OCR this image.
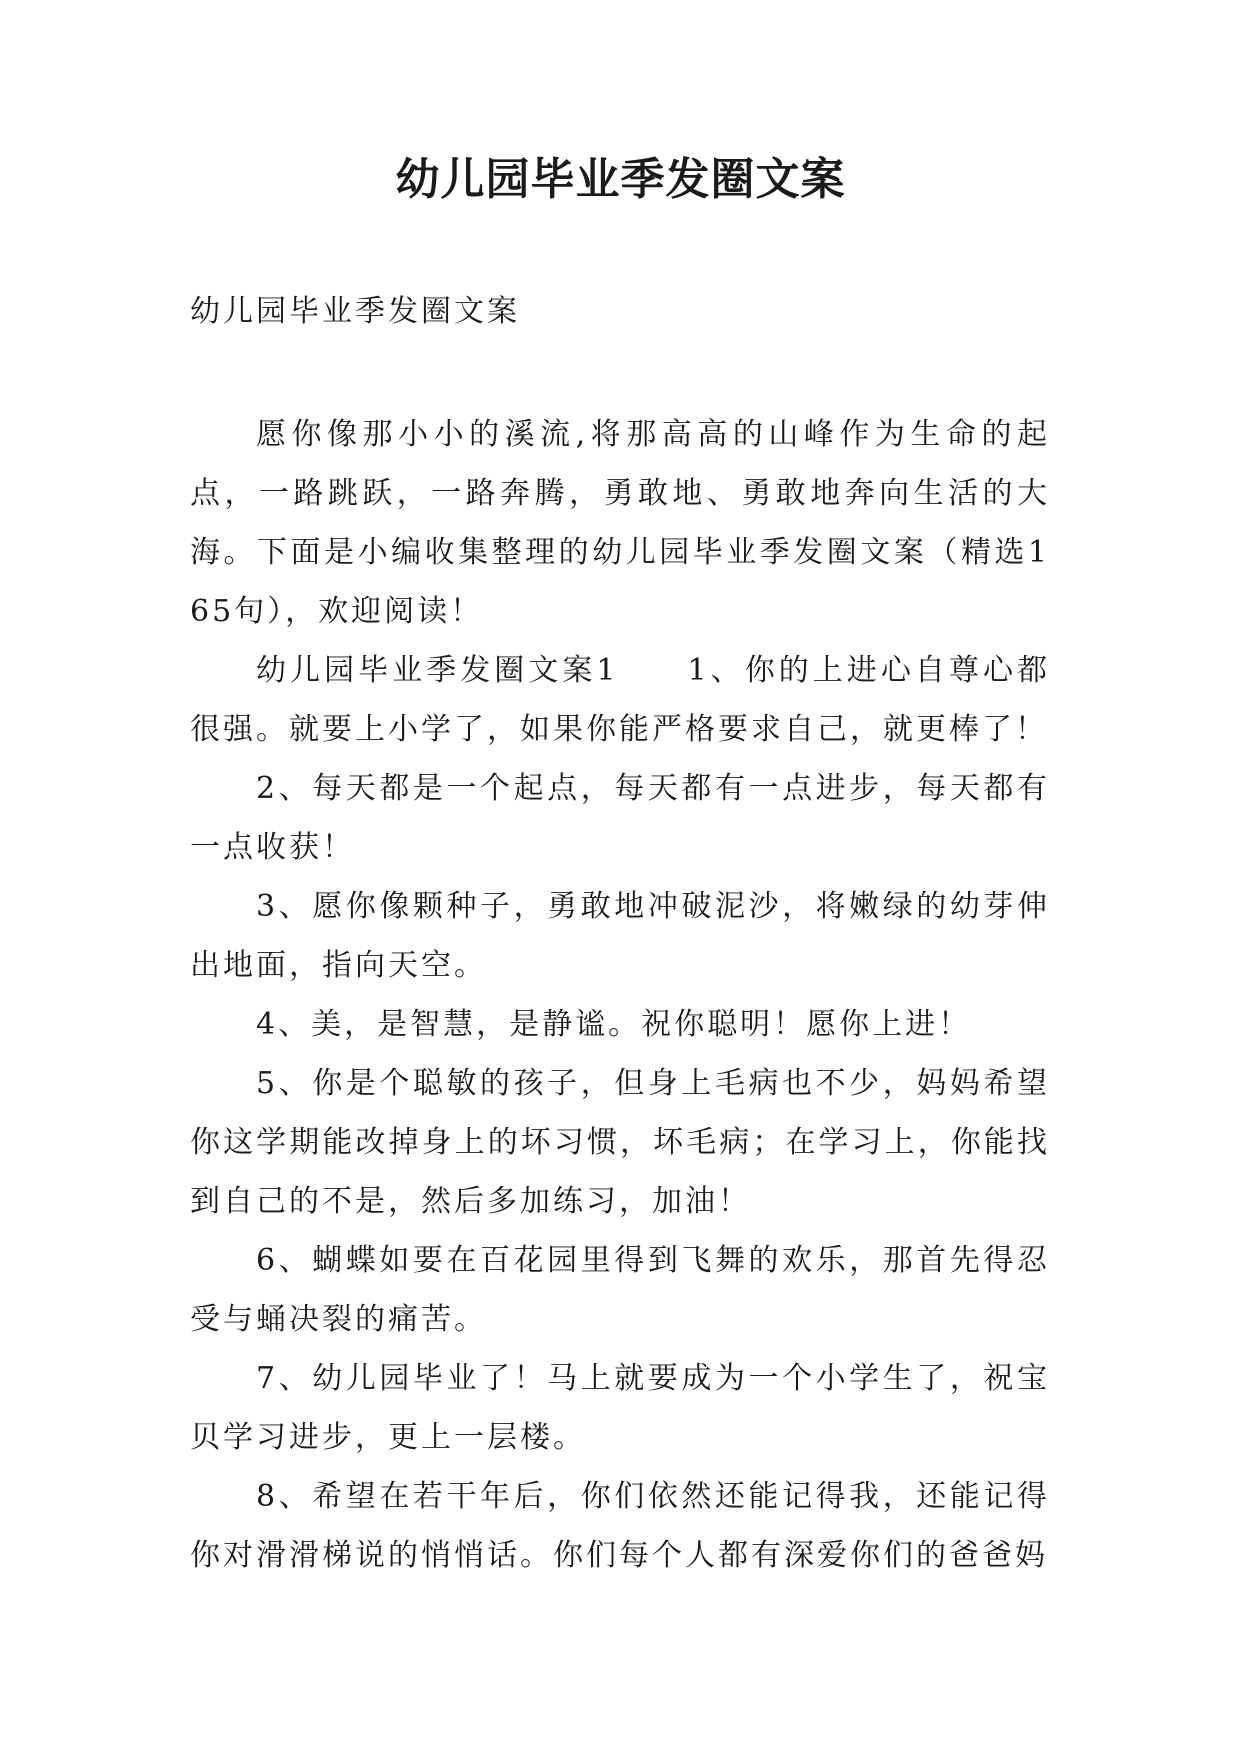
幼儿园毕业季发圈文案

幼儿园毕业季发圈文案

愿你像那小小的溪流,将那高高的山峰作为生命的起点，一路跳跃，一路奔腾，勇敢地、勇敢地奔向生活的大海。下面是小编收集整理的幼儿园毕业季发圈文案（精选165句），欢迎阅读！

幼儿园毕业季发圈文案1　　1、你的上进心自尊心都很强。就要上小学了，如果你能严格要求自己，就更棒了！

2、每天都是一个起点，每天都有一点进步，每天都有一点收获！

3、愿你像颗种子，勇敢地冲破泥沙，将嫩绿的幼芽伸出地面，指向天空。

4、美，是智慧，是静谧。祝你聪明！愿你上进！

5、你是个聪敏的孩子，但身上毛病也不少，妈妈希望你这学期能改掉身上的坏习惯，坏毛病；在学习上，你能找到自己的不是，然后多加练习，加油！

6、蝴蝶如要在百花园里得到飞舞的欢乐，那首先得忍受与蛹决裂的痛苦。

7、幼儿园毕业了！马上就要成为一个小学生了，祝宝贝学习进步，更上一层楼。

8、希望在若干年后，你们依然还能记得我，还能记得你对滑滑梯说的悄悄话。你们每个人都有深爱你们的爸爸妈
